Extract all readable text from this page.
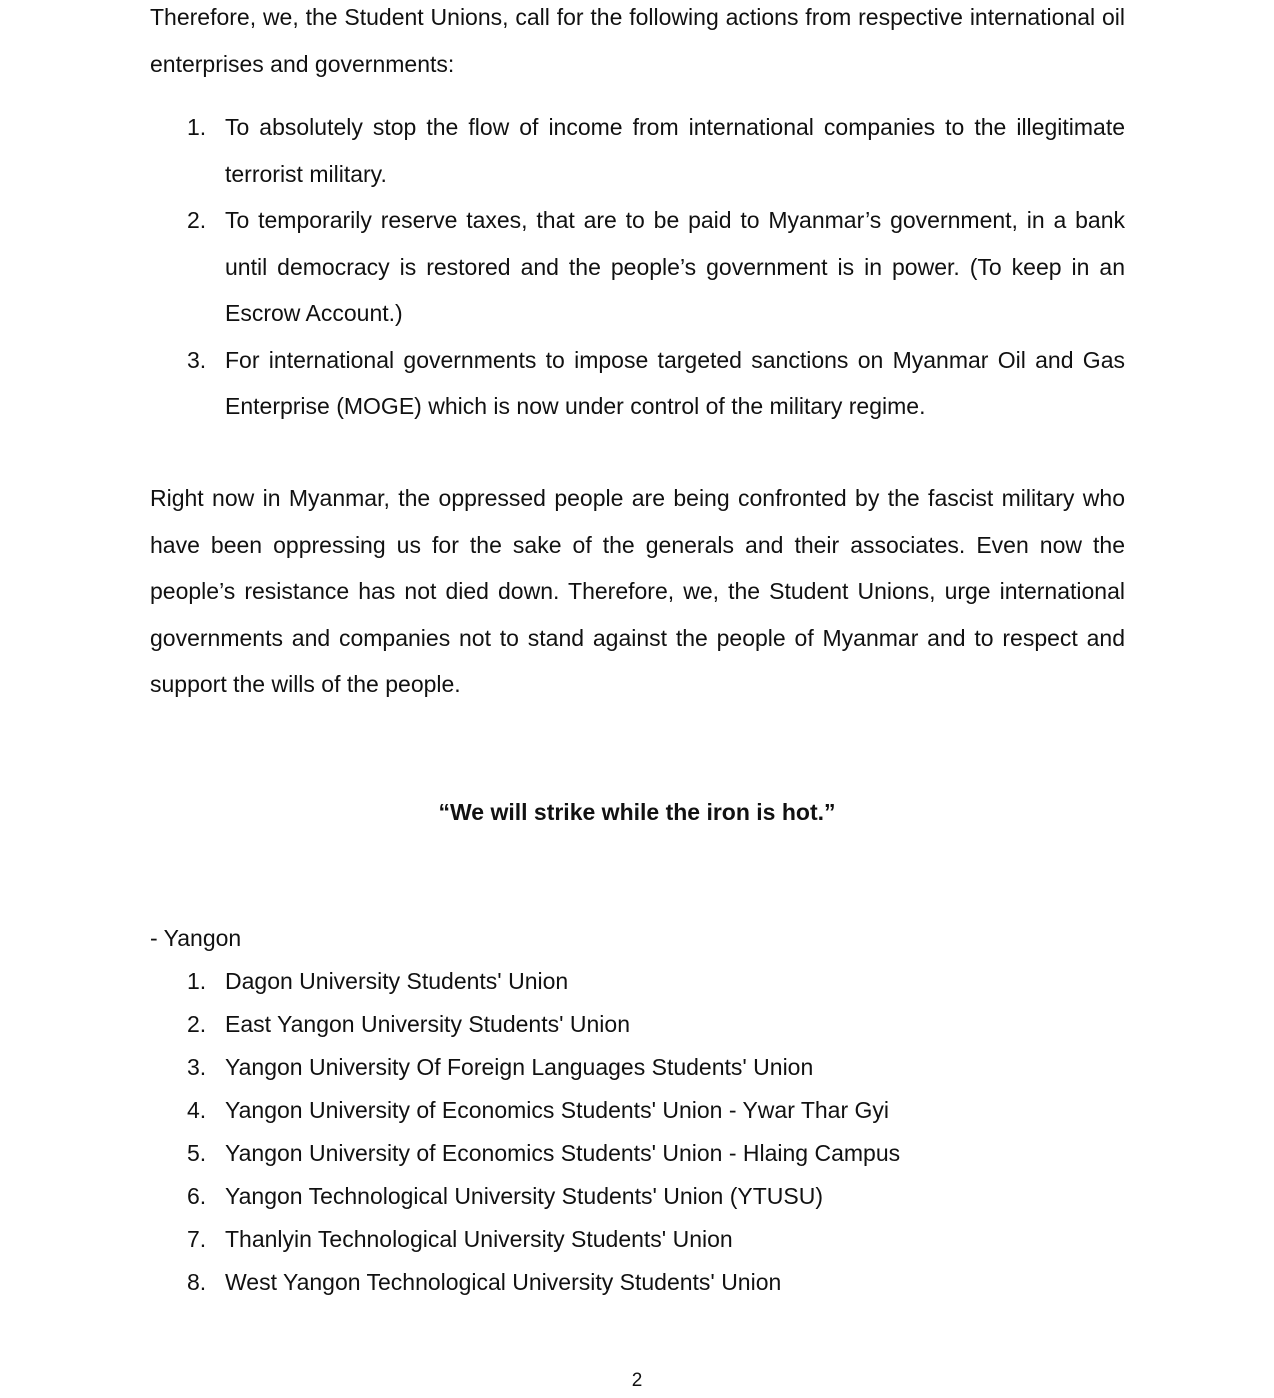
Therefore, we, the Student Unions, call for the following actions from respective international oil enterprises and governments:

1. To absolutely stop the flow of income from international companies to the illegitimate terrorist military.
2. To temporarily reserve taxes, that are to be paid to Myanmar’s government, in a bank until democracy is restored and the people’s government is in power. (To keep in an Escrow Account.)
3. For international governments to impose targeted sanctions on Myanmar Oil and Gas Enterprise (MOGE) which is now under control of the military regime.

Right now in Myanmar, the oppressed people are being confronted by the fascist military who have been oppressing us for the sake of the generals and their associates. Even now the people’s resistance has not died down. Therefore, we, the Student Unions, urge international governments and companies not to stand against the people of Myanmar and to respect and support the wills of the people.

“We will strike while the iron is hot.”

- Yangon

1. Dagon University Students' Union
2. East Yangon University Students' Union
3. Yangon University Of Foreign Languages Students' Union
4. Yangon University of Economics Students' Union - Ywar Thar Gyi
5. Yangon University of Economics Students' Union - Hlaing Campus
6. Yangon Technological University Students' Union (YTUSU)
7. Thanlyin Technological University Students' Union
8. West Yangon Technological University Students' Union

2
